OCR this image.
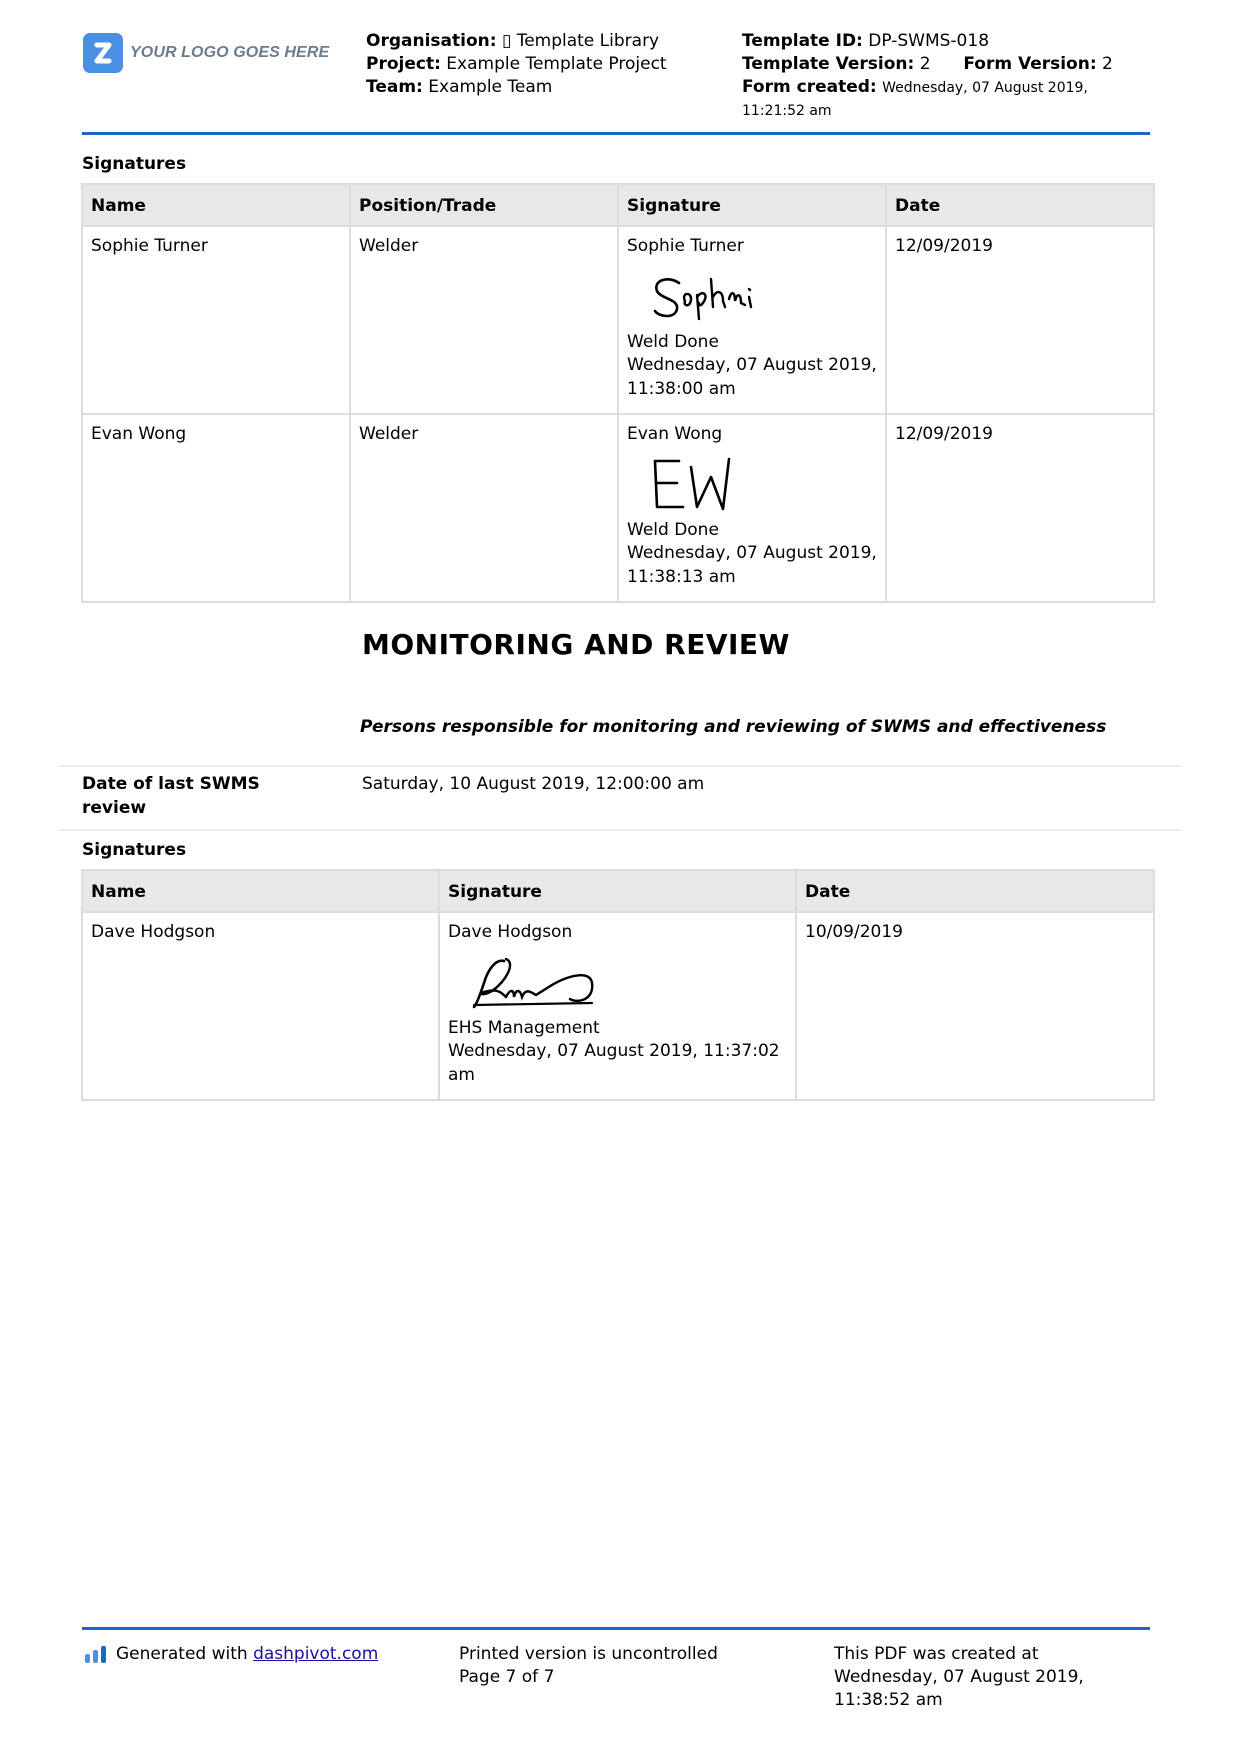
YOUR LOGO GOES HERE
Organisation: ▯ Template Library
Project: Example Template Project
Team: Example Team
Template ID: DP-SWMS-018
Template Version: 2 Form Version: 2
Form created: Wednesday, 07 August 2019,
11:21:52 am
Signatures
Name	Position/Trade	Signature	Date
Sophie Turner	Welder	Sophie Turner
Weld Done
Wednesday, 07 August 2019,
11:38:00 am	12/09/2019
Evan Wong	Welder	Evan Wong
Weld Done
Wednesday, 07 August 2019,
11:38:13 am	12/09/2019
MONITORING AND REVIEW
Persons responsible for monitoring and reviewing of SWMS and effectiveness
Date of last SWMS
review
Saturday, 10 August 2019, 12:00:00 am
Signatures
Name	Signature	Date
Dave Hodgson	Dave Hodgson
EHS Management
Wednesday, 07 August 2019, 11:37:02
am	10/09/2019
Generated with dashpivot.com	Printed version is uncontrolled
Page 7 of 7
This PDF was created at
Wednesday, 07 August 2019,
11:38:52 am
